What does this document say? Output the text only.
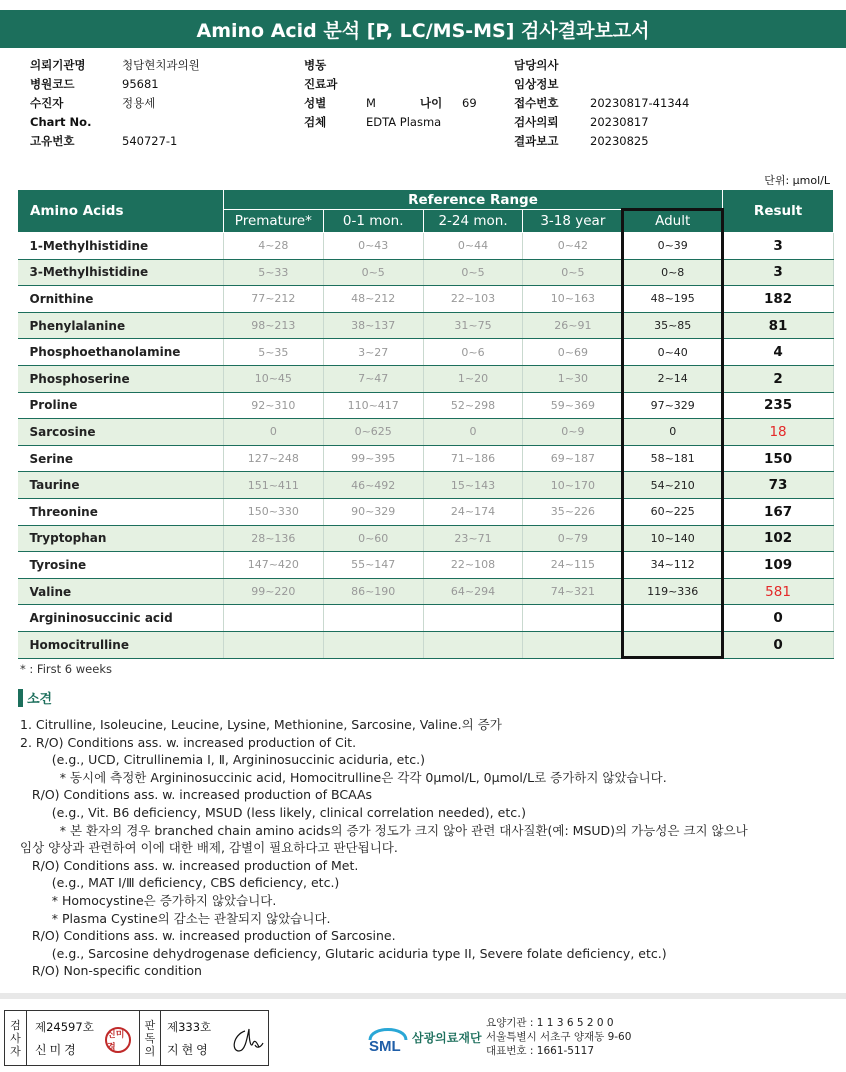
Amino Acid 분석 [P, LC/MS-MS] 검사결과보고서
의뢰기관명	청담현치과의원
병원코드	95681
수진자	정용세
Chart No.
고유번호	540727-1
병동
진료과
성별	M	나이 69
검체	EDTA Plasma
담당의사
임상정보
접수번호	20230817-41344
검사의뢰	20230817
결과보고	20230825
단위: μmol/L
Amino Acids	Reference Range					Result
	Premature*	0-1 mon.	2-24 mon.	3-18 year	Adult	
1-Methylhistidine	4~28	0~43	0~44	0~42	0~39	3
3-Methylhistidine	5~33	0~5	0~5	0~5	0~8	3
Ornithine	77~212	48~212	22~103	10~163	48~195	182
Phenylalanine	98~213	38~137	31~75	26~91	35~85	81
Phosphoethanolamine	5~35	3~27	0~6	0~69	0~40	4
Phosphoserine	10~45	7~47	1~20	1~30	2~14	2
Proline	92~310	110~417	52~298	59~369	97~329	235
Sarcosine	0	0~625	0	0~9	0	18
Serine	127~248	99~395	71~186	69~187	58~181	150
Taurine	151~411	46~492	15~143	10~170	54~210	73
Threonine	150~330	90~329	24~174	35~226	60~225	167
Tryptophan	28~136	0~60	23~71	0~79	10~140	102
Tyrosine	147~420	55~147	22~108	24~115	34~112	109
Valine	99~220	86~190	64~294	74~321	119~336	581
Argininosuccinic acid						0
Homocitrulline						0
* : First 6 weeks
소견
1. Citrulline, Isoleucine, Leucine, Lysine, Methionine, Sarcosine, Valine.의 증가
2. R/O) Conditions ass. w. increased production of Cit.
(e.g., UCD, Citrullinemia Ⅰ, Ⅱ, Argininosuccinic aciduria, etc.)
* 동시에 측정한 Argininosuccinic acid, Homocitrulline은 각각 0μmol/L, 0μmol/L로 증가하지 않았습니다.
R/O) Conditions ass. w. increased production of BCAAs
(e.g., Vit. B6 deficiency, MSUD (less likely, clinical correlation needed), etc.)
* 본 환자의 경우 branched chain amino acids의 증가 정도가 크지 않아 관련 대사질환(예: MSUD)의 가능성은 크지 않으나
임상 양상과 관련하여 이에 대한 배제, 감별이 필요하다고 판단됩니다.
R/O) Conditions ass. w. increased production of Met.
(e.g., MAT Ⅰ/Ⅲ deficiency, CBS deficiency, etc.)
* Homocystine은 증가하지 않았습니다.
* Plasma Cystine의 감소는 관찰되지 않았습니다.
R/O) Conditions ass. w. increased production of Sarcosine.
(e.g., Sarcosine dehydrogenase deficiency, Glutaric aciduria type II, Severe folate deficiency, etc.)
R/O) Non-specific condition
검
사
자
제24597호
신미경
신미경
판
독
의
제333호
지현영	SML
삼광의료재단
요양기관 : 1 1 3 6 5 2 0 0
서울특별시 서초구 양재동 9-60
대표번호 : 1661-5117
